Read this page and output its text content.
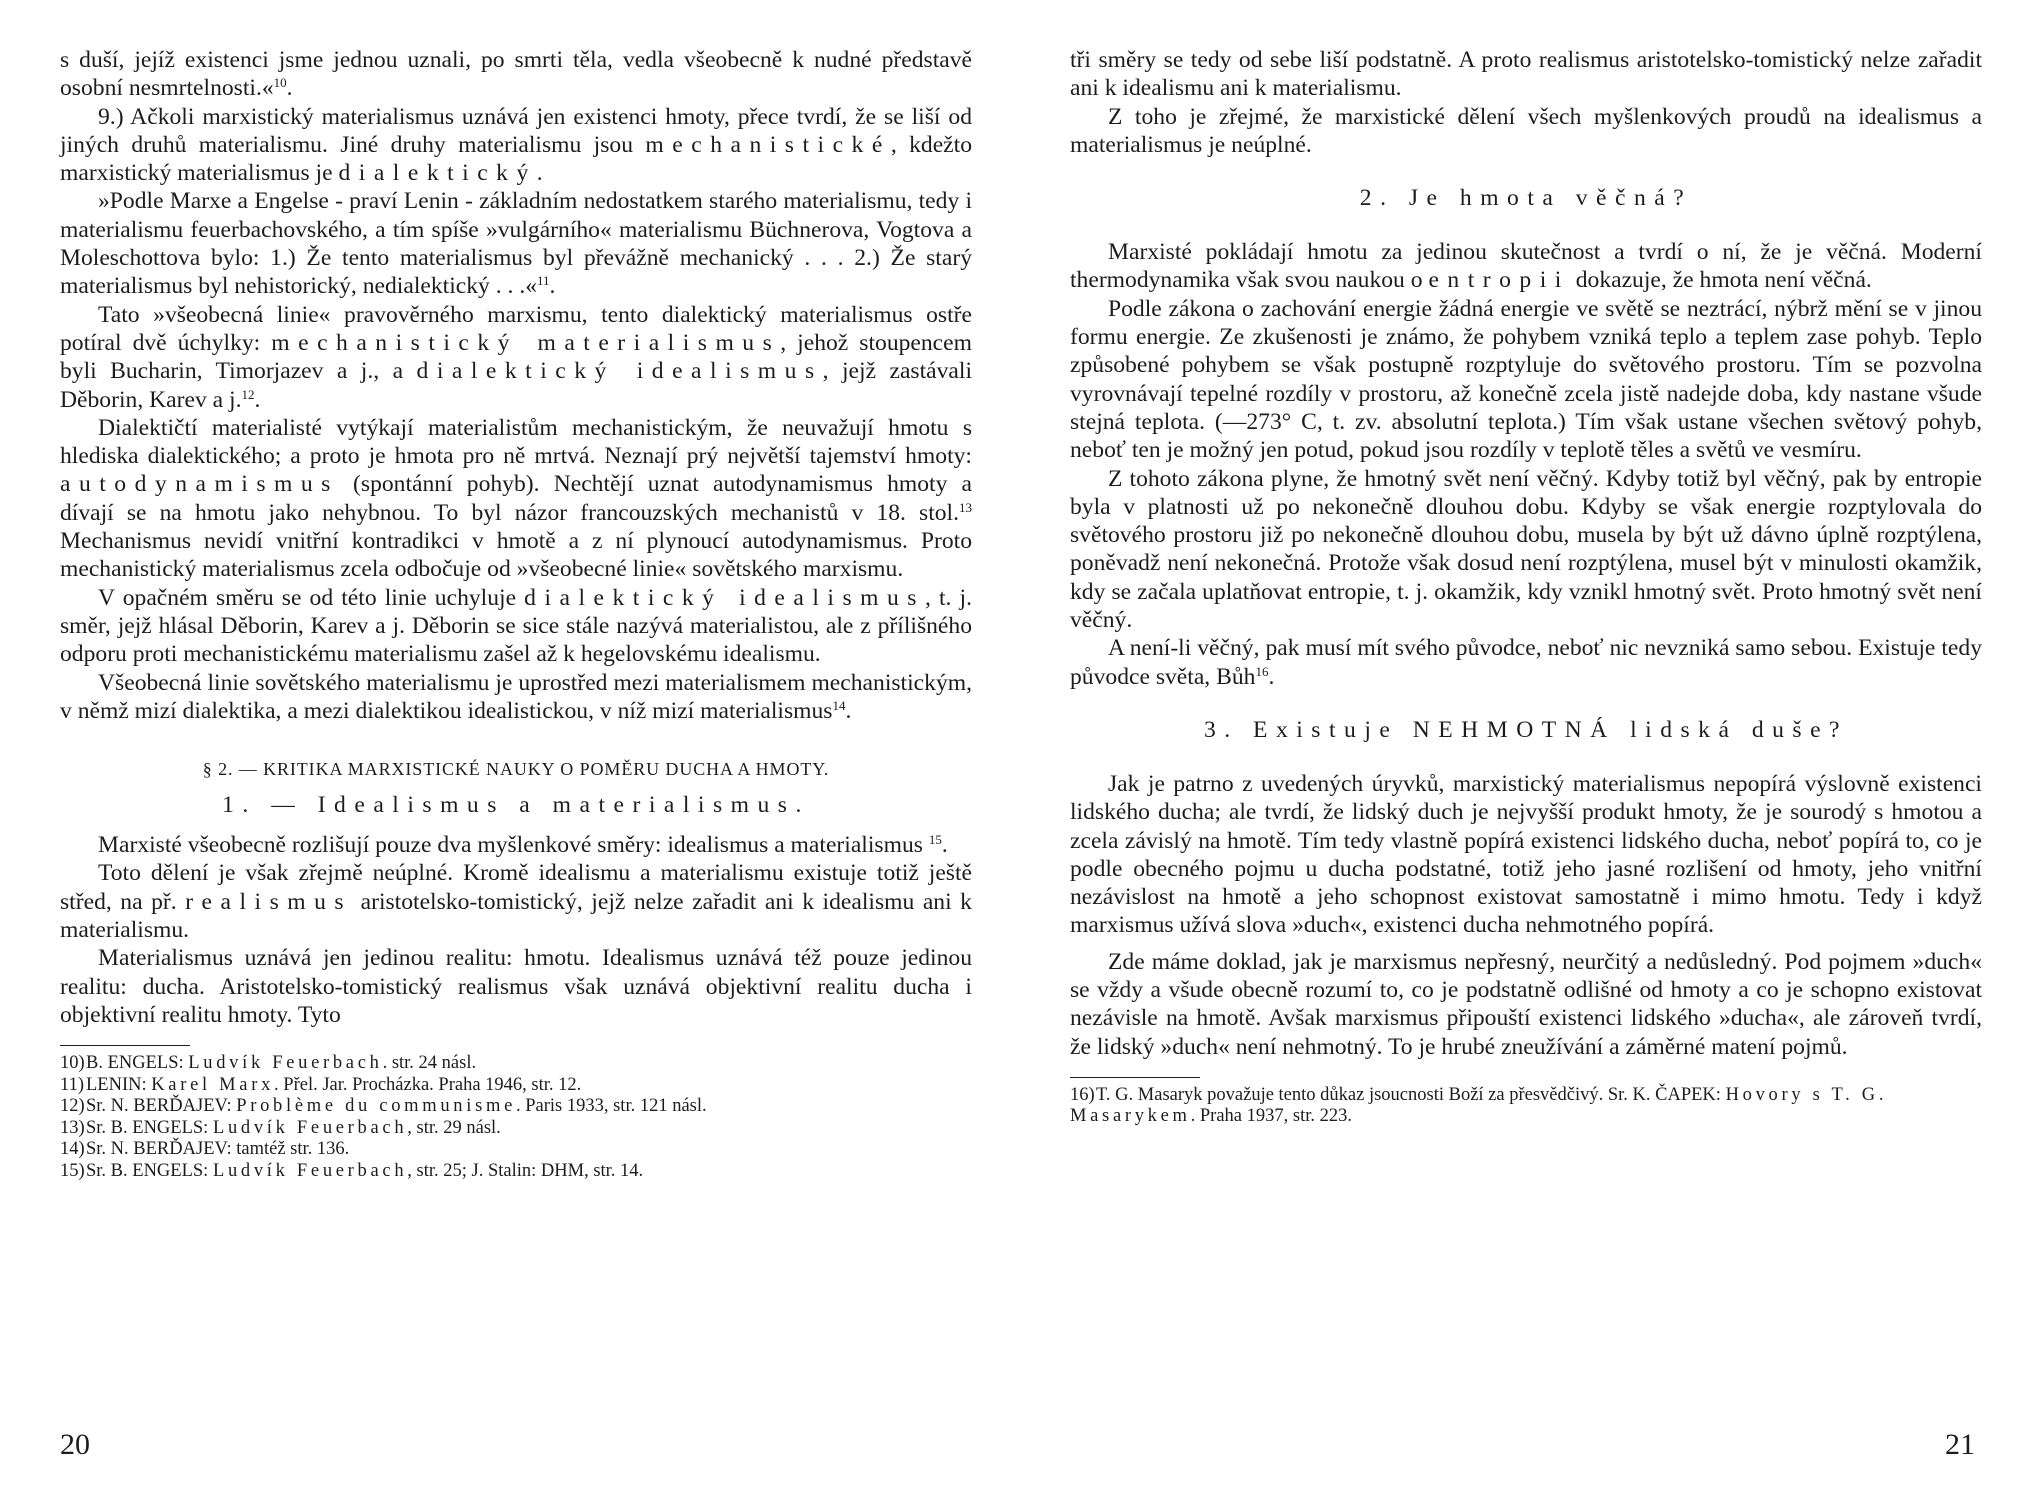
s duší, jejíž existenci jsme jednou uznali, po smrti těla, vedla všeobecně k nudné představě osobní nesmrtelnosti.«$^{10}$.

9.) Ačkoli marxistický materialismus uznává jen existenci hmoty, přece tvrdí, že se liší od jiných druhů materialismu. Jiné druhy materialismu jsou mechanistické, kdežto marxistický materialismus je dialektický.

»Podle Marxe a Engelse - praví Lenin - základním nedostatkem starého materialismu, tedy i materialismu feuerbachovského, a tím spíše »vulgárního« materialismu Büchnerova, Vogtova a Moleschottova bylo: 1.) Že tento materialismus byl převážně mechanický . . . 2.) Že starý materialismus byl nehistorický, nedialektický . . .«$^{11}$.

Tato »všeobecná linie« pravověrného marxismu, tento dialektický materialismus ostře potíral dvě úchylky: mechanistický materialismus, jehož stoupencem byli Bucharin, Timorjazev a j., a dialektický idealismus, jejž zastávali Děborin, Karev a j.$^{12}$.

Dialektičtí materialisté vytýkají materialistům mechanistickým, že neuvažují hmotu s hlediska dialektického; a proto je hmota pro ně mrtvá. Neznají prý největší tajemství hmoty: autodynamismus (spontánní pohyb). Nechtějí uznat autodynamismus hmoty a dívají se na hmotu jako nehybnou. To byl názor francouzských mechanistů v 18. stol.$^{13}$ Mechanismus nevidí vnitřní kontradikci v hmotě a z ní plynoucí autodynamismus. Proto mechanistický materialismus zcela odbočuje od »všeobecné linie« sovětského marxismu.

V opačném směru se od této linie uchyluje dialektický idealismus, t. j. směr, jejž hlásal Děborin, Karev a j. Děborin se sice stále nazývá materialistou, ale z přílišného odporu proti mechanistickému materialismu zašel až k hegelovskému idealismu.

Všeobecná linie sovětského materialismu je uprostřed mezi materialismem mechanistickým, v němž mizí dialektika, a mezi dialektikou idealistickou, v níž mizí materialismus$^{14}$.

§ 2. — KRITIKA MARXISTICKÉ NAUKY O POMĚRU DUCHA A HMOTY.
1. — Idealismus a materialismus.

Marxisté všeobecně rozlišují pouze dva myšlenkové směry: idealismus a materialismus $^{15}$.

Toto dělení je však zřejmě neúplné. Kromě idealismu a materialismu existuje totiž ještě střed, na př. realismus aristotelsko-tomistický, jejž nelze zařadit ani k idealismu ani k materialismu.

Materialismus uznává jen jedinou realitu: hmotu. Idealismus uznává též pouze jedinou realitu: ducha. Aristotelsko-tomistický realismus však uznává objektivní realitu ducha i objektivní realitu hmoty. Tyto

10)B. ENGELS: Ludvík Feuerbach. str. 24 násl.

11) LENIN: Karel Marx. Přel. Jar. Procházka. Praha 1946, str. 12.

12)Sr. N. BERĎAJEV: Problème du communisme. Paris 1933, str. 121 násl.

13)Sr. B. ENGELS: Ludvík Feuerbach, str. 29 násl.

14)Sr. N. BERĎAJEV: tamtéž str. 136.

15)Sr. B. ENGELS: Ludvík Feuerbach, str. 25; J. Stalin: DHM, str. 14.

20

tři směry se tedy od sebe liší podstatně. A proto realismus aristotelsko-tomistický nelze zařadit ani k idealismu ani k materialismu.

Z toho je zřejmé, že marxistické dělení všech myšlenkových proudů na idealismus a materialismus je neúplné.

2. Je hmota věčná?

Marxisté pokládají hmotu za jedinou skutečnost a tvrdí o ní, že je věčná. Moderní thermodynamika však svou naukou o entropii dokazuje, že hmota není věčná.

Podle zákona o zachování energie žádná energie ve světě se neztrácí, nýbrž mění se v jinou formu energie. Ze zkušenosti je známo, že pohybem vzniká teplo a teplem zase pohyb. Teplo způsobené pohybem se však postupně rozptyluje do světového prostoru. Tím se pozvolna vyrovnávají tepelné rozdíly v prostoru, až konečně zcela jistě nadejde doba, kdy nastane všude stejná teplota. (—273° C, t. zv. absolutní teplota.) Tím však ustane všechen světový pohyb, neboť ten je možný jen potud, pokud jsou rozdíly v teplotě těles a světů ve vesmíru.

Z tohoto zákona plyne, že hmotný svět není věčný. Kdyby totiž byl věčný, pak by entropie byla v platnosti už po nekonečně dlouhou dobu. Kdyby se však energie rozptylovala do světového prostoru již po nekonečně dlouhou dobu, musela by být už dávno úplně rozptýlena, poněvadž není nekonečná. Protože však dosud není rozptýlena, musel být v minulosti okamžik, kdy se začala uplatňovat entropie, t. j. okamžik, kdy vznikl hmotný svět. Proto hmotný svět není věčný.

A není-li věčný, pak musí mít svého původce, neboť nic nevzniká samo sebou. Existuje tedy původce světa, Bůh$^{16}$.

3. Existuje NEHMOTNÁ lidská duše?

Jak je patrno z uvedených úryvků, marxistický materialismus nepopírá výslovně existenci lidského ducha; ale tvrdí, že lidský duch je nejvyšší produkt hmoty, že je sourodý s hmotou a zcela závislý na hmotě. Tím tedy vlastně popírá existenci lidského ducha, neboť popírá to, co je podle obecného pojmu u ducha podstatné, totiž jeho jasné rozlišení od hmoty, jeho vnitřní nezávislost na hmotě a jeho schopnost existovat samostatně i mimo hmotu. Tedy i když marxismus užívá slova »duch«, existenci ducha nehmotného popírá.

Zde máme doklad, jak je marxismus nepřesný, neurčitý a nedůsledný. Pod pojmem »duch« se vždy a všude obecně rozumí to, co je podstatně odlišné od hmoty a co je schopno existovat nezávisle na hmotě. Avšak marxismus připouští existenci lidského »ducha«, ale zároveň tvrdí, že lidský »duch« není nehmotný. To je hrubé zneužívání a záměrné matení pojmů.

16)T. G. Masaryk považuje tento důkaz jsoucnosti Boží za přesvědčivý. Sr. K. ČAPEK: Hovory s T. G. Masarykem. Praha 1937, str. 223.

21
